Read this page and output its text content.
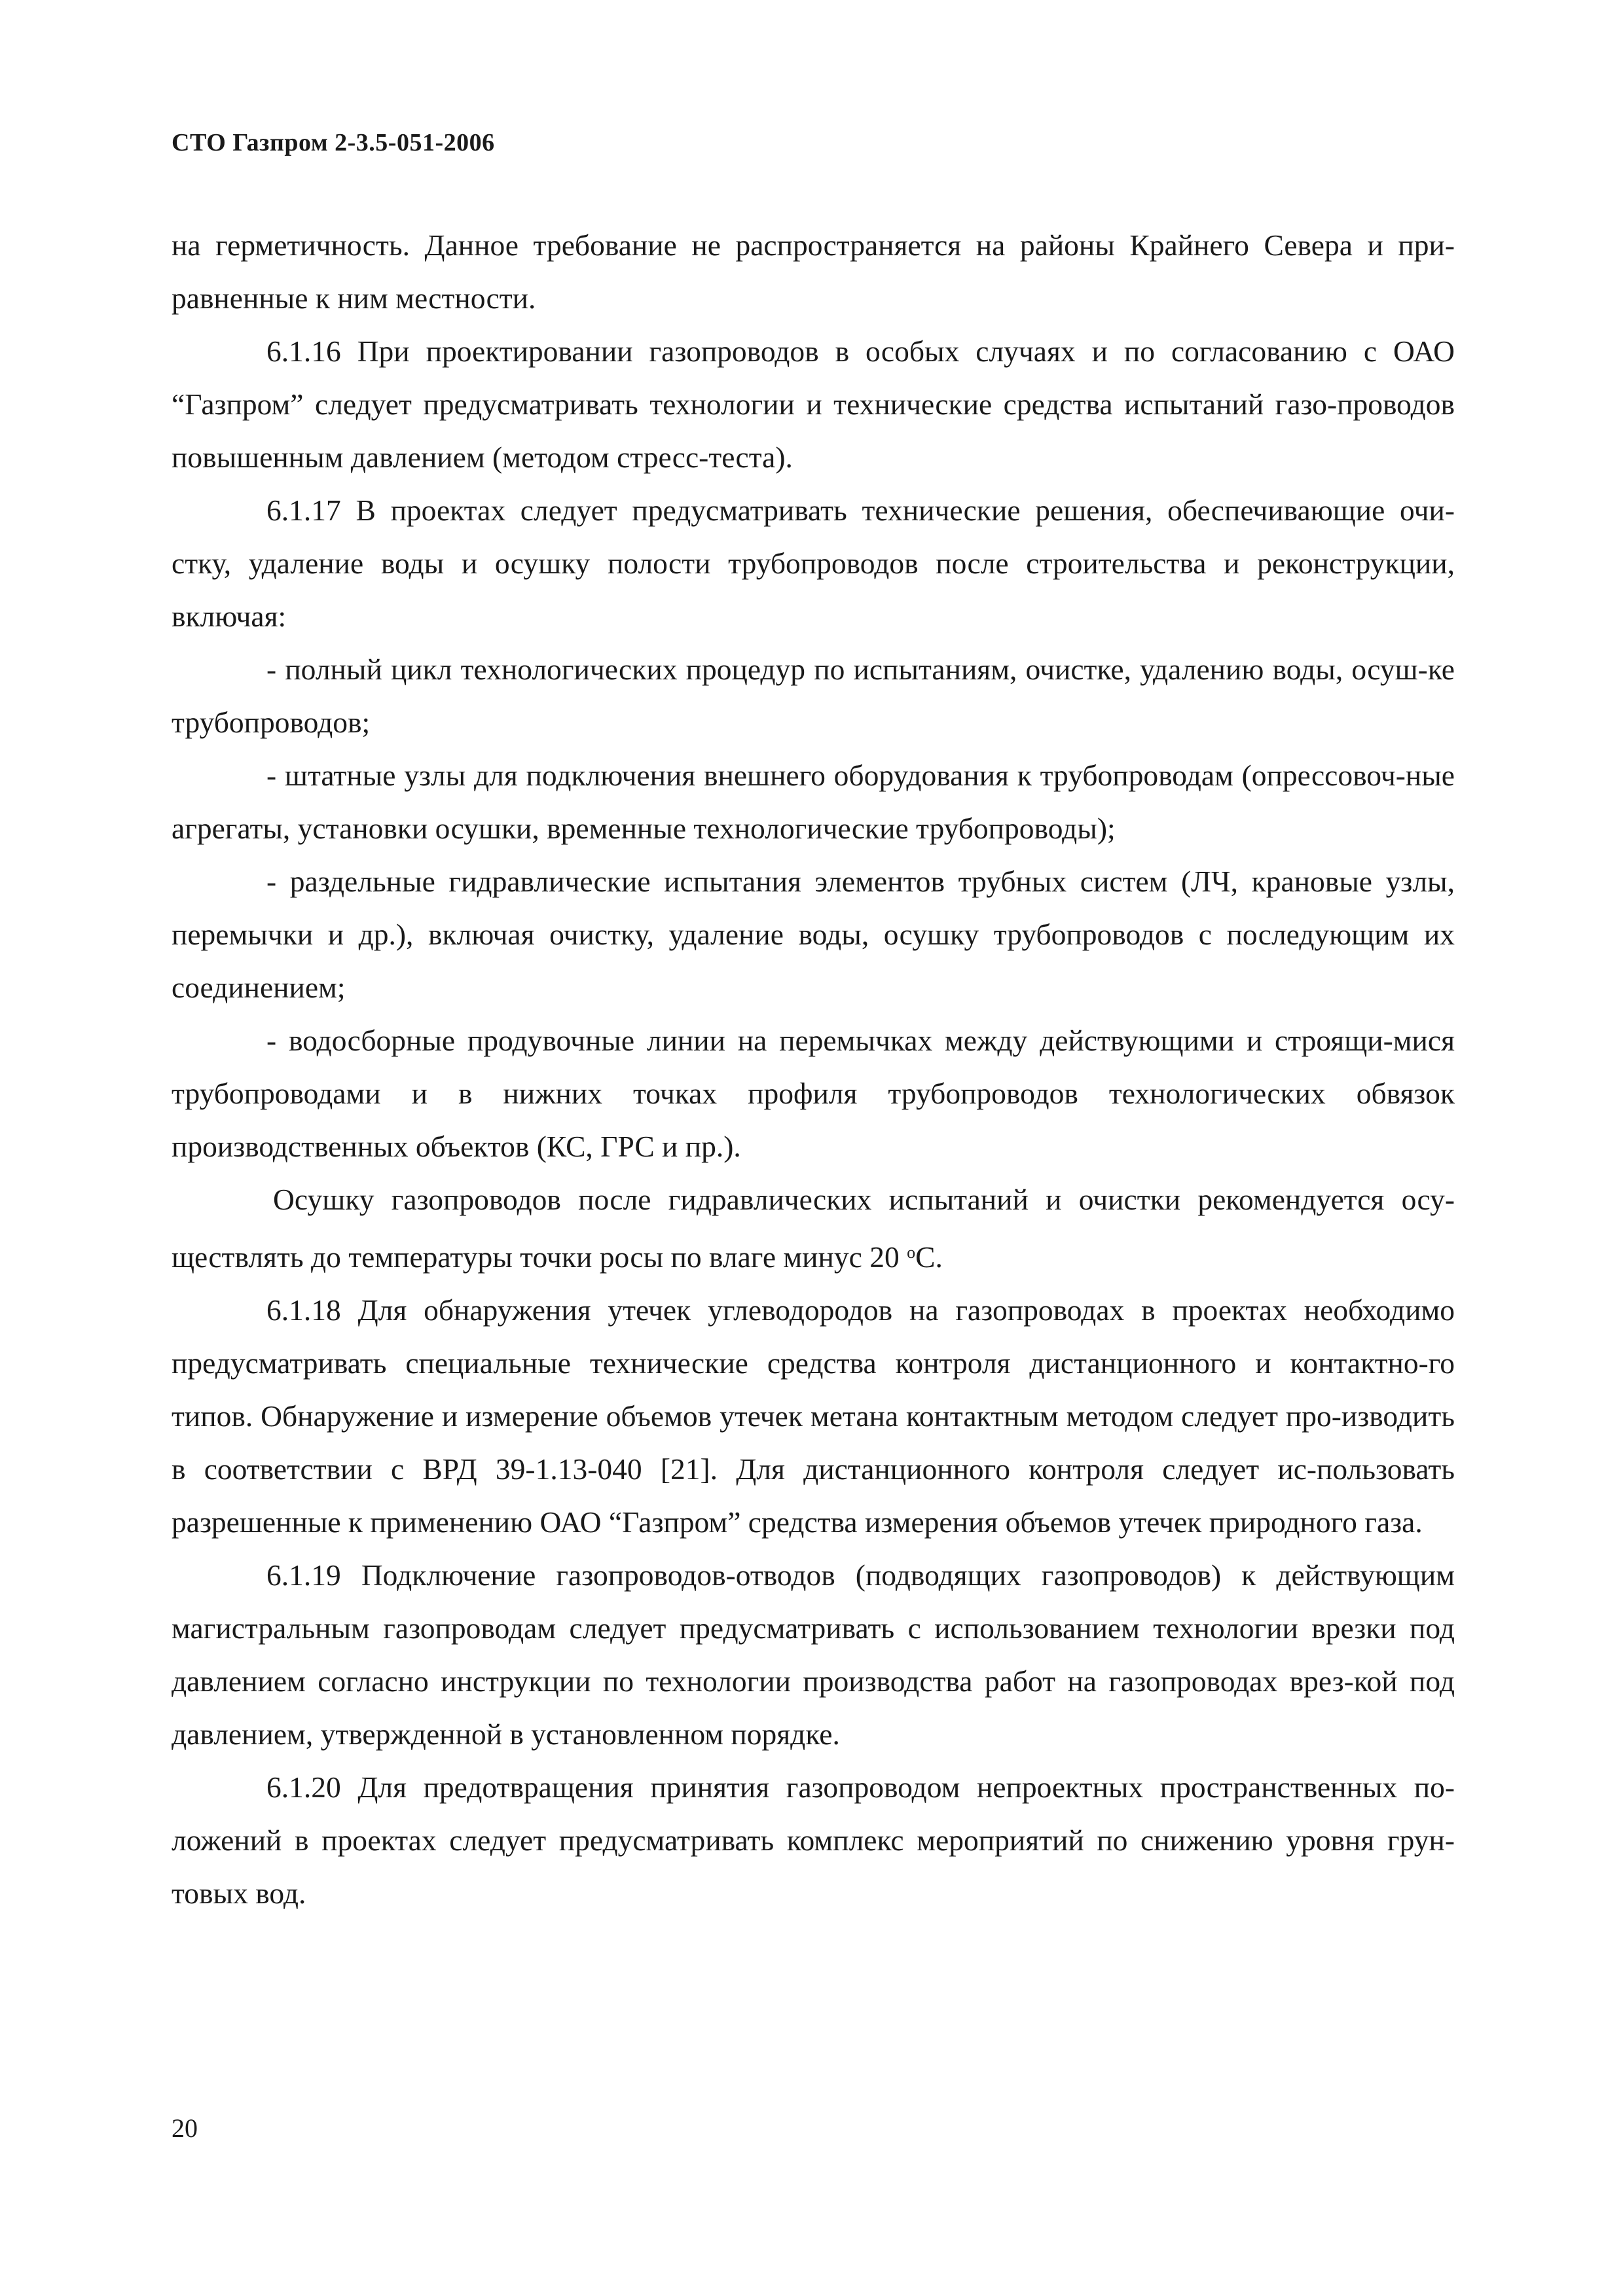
СТО Газпром 2-3.5-051-2006

на герметичность. Данное требование не распространяется на районы Крайнего Севера и при-равненные к ним местности.

6.1.16 При проектировании газопроводов в особых случаях и по согласованию с ОАО “Газпром” следует предусматривать технологии и технические средства испытаний газо-проводов повышенным давлением (методом стресс-теста).

6.1.17 В проектах следует предусматривать технические решения, обеспечивающие очи-стку, удаление воды и осушку полости трубопроводов после строительства и реконструкции, включая:

- полный цикл технологических процедур по испытаниям, очистке, удалению воды, осуш-ке трубопроводов;

- штатные узлы для подключения внешнего оборудования к трубопроводам (опрессовоч-ные агрегаты, установки осушки, временные технологические трубопроводы);

- раздельные гидравлические испытания элементов трубных систем (ЛЧ, крановые узлы, перемычки и др.), включая очистку, удаление воды, осушку трубопроводов с последующим их соединением;

- водосборные продувочные линии на перемычках между действующими и строящи-мися трубопроводами и в нижних точках профиля трубопроводов технологических обвязок производственных объектов (КС, ГРС и пр.).

Осушку газопроводов после гидравлических испытаний и очистки рекомендуется осу-ществлять до температуры точки росы по влаге минус 20 $^о$С.

6.1.18 Для обнаружения утечек углеводородов на газопроводах в проектах необходимо предусматривать специальные технические средства контроля дистанционного и контактно-го типов. Обнаружение и измерение объемов утечек метана контактным методом следует про-изводить в соответствии с ВРД 39-1.13-040 [21]. Для дистанционного контроля следует ис-пользовать разрешенные к применению ОАО “Газпром” средства измерения объемов утечек природного газа.

6.1.19 Подключение газопроводов-отводов (подводящих газопроводов) к действующим магистральным газопроводам следует предусматривать с использованием технологии врезки под давлением согласно инструкции по технологии производства работ на газопроводах врез-кой под давлением, утвержденной в установленном порядке.

6.1.20 Для предотвращения принятия газопроводом непроектных пространственных по-ложений в проектах следует предусматривать комплекс мероприятий по снижению уровня грун-товых вод.

20
